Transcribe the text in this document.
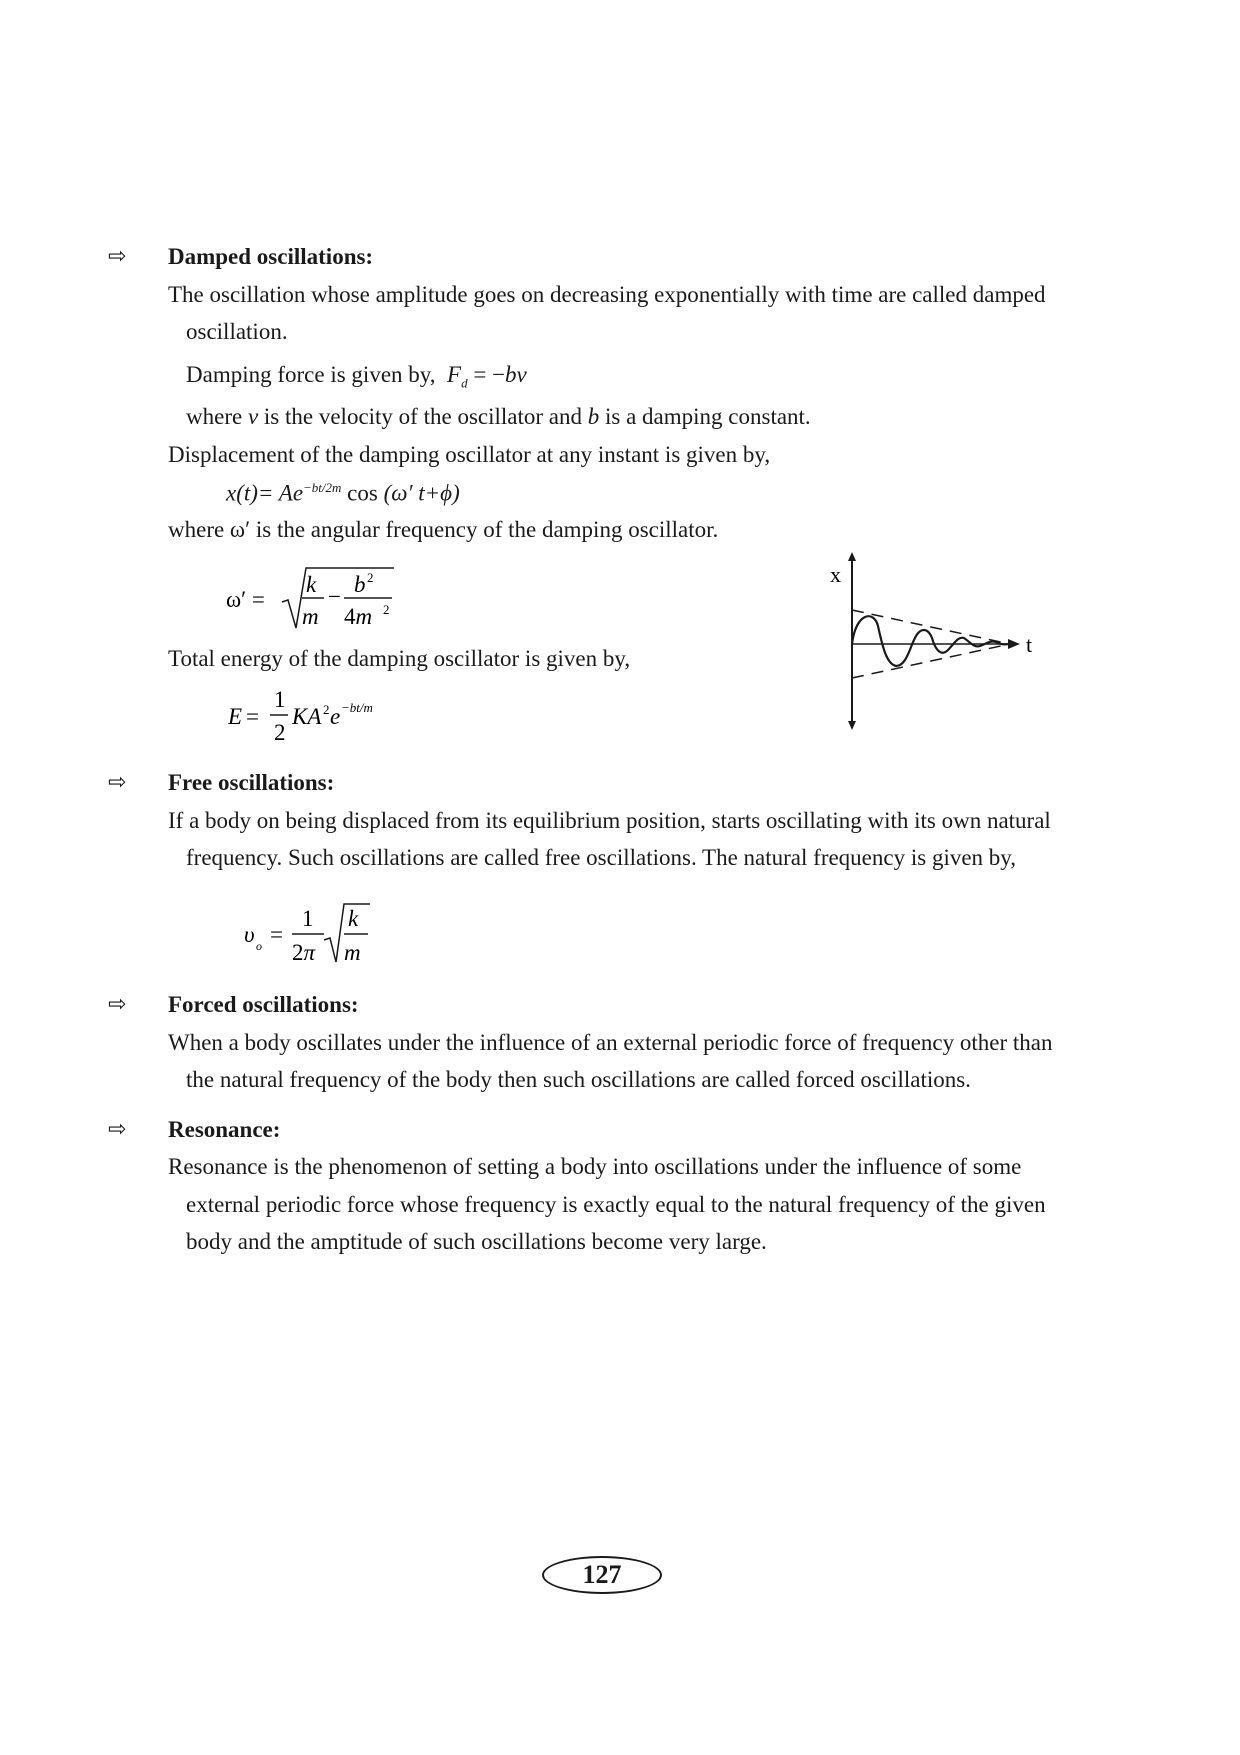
⇨ Damped oscillations:
The oscillation whose amplitude goes on decreasing exponentially with time are called damped
oscillation.
Damping force is given by, $F_d = -bv$
where v is the velocity of the oscillator and b is a damping constant.
Displacement of the damping oscillator at any instant is given by,
$x(t)= Ae^{-bt/2m}$ cos (ω′ t+ϕ)
where ω′ is the angular frequency of the damping oscillator.
ω′ =
k
m
− b 2
4m 2
Total energy of the damping oscillator is given by,
E =
1
2
KA 2 e −bt/m
x
t
⇨ Free oscillations:
If a body on being displaced from its equilibrium position, starts oscillating with its own natural
frequency. Such oscillations are called free oscillations. The natural frequency is given by,
υ o =
1
2π
k
m
⇨ Forced oscillations:
When a body oscillates under the influence of an external periodic force of frequency other than
the natural frequency of the body then such oscillations are called forced oscillations.
⇨ Resonance:
Resonance is the phenomenon of setting a body into oscillations under the influence of some
external periodic force whose frequency is exactly equal to the natural frequency of the given
body and the amptitude of such oscillations become very large.
127
